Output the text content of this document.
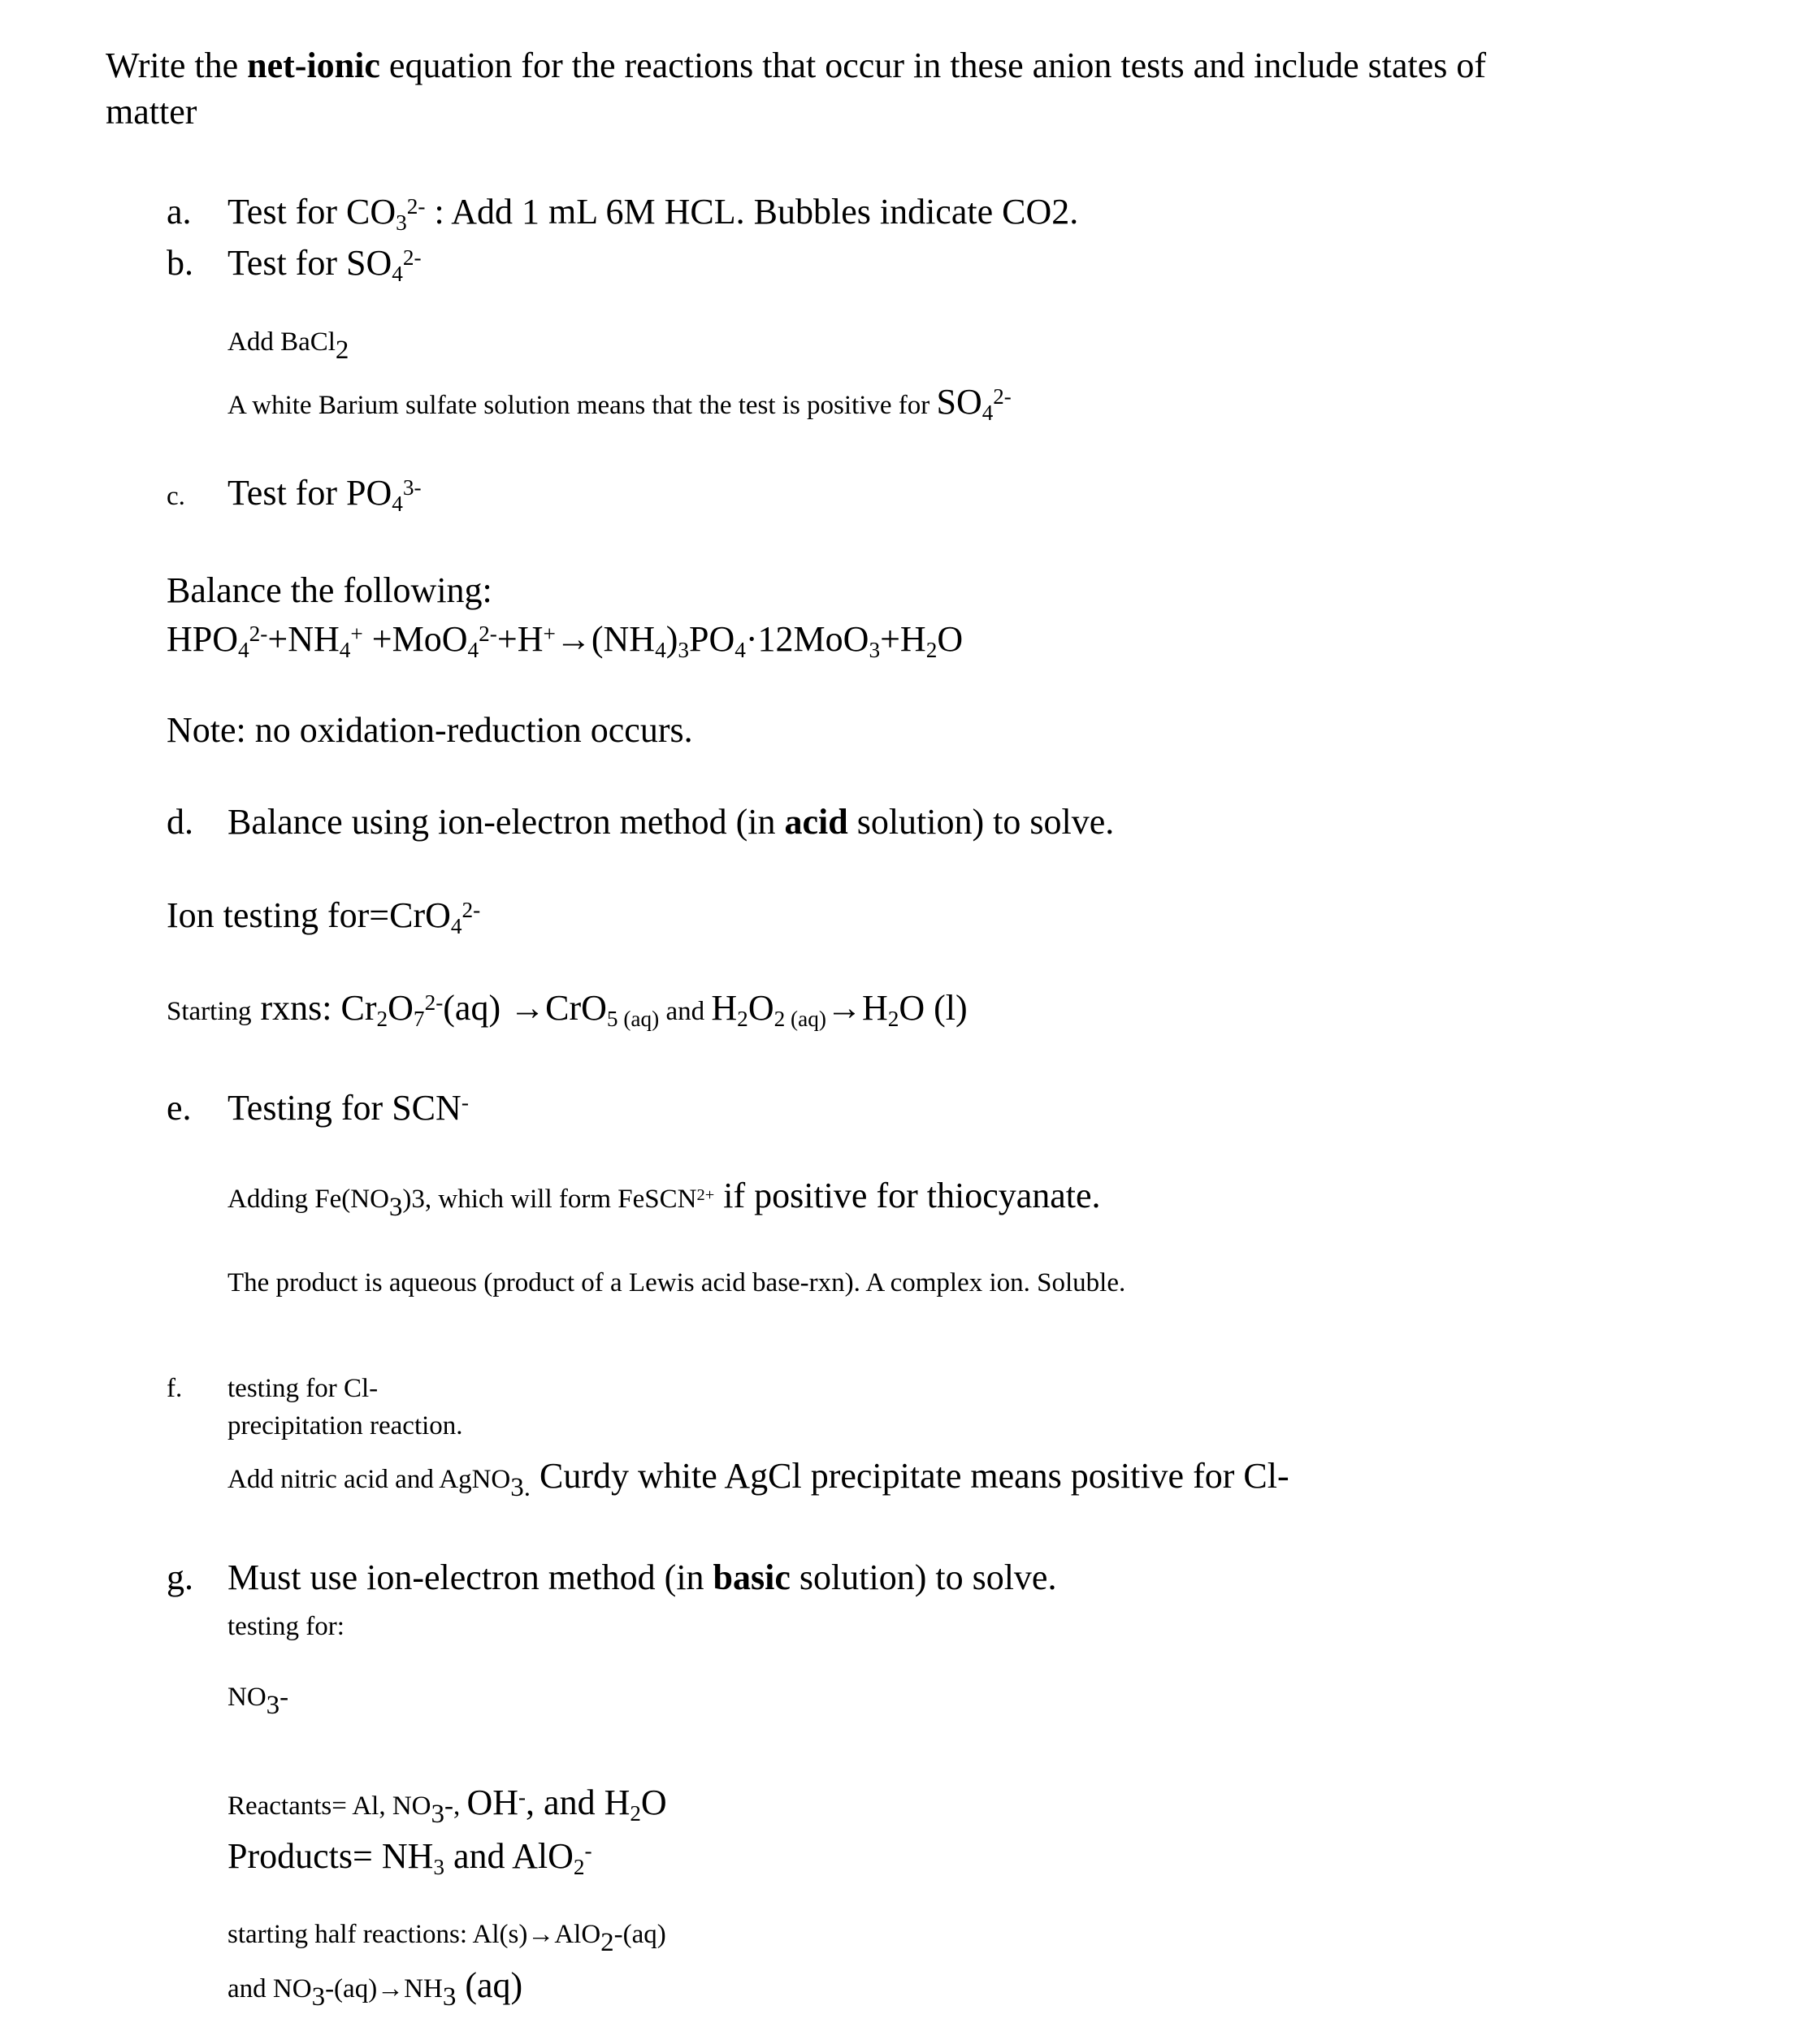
Write the net-ionic equation for the reactions that occur in these anion tests and include states of
matter

a. Test for $CO3^{2-}$ : Add 1 mL 6M HCL. Bubbles indicate CO2.

b. Test for $SO4^{2-}$

Add BaCl2

A white Barium sulfate solution means that the test is positive for $SO_4^{2-}$

c. Test for $PO4^{3-}$

Balance the following:

$HPO4^{2-}+NH4^+ +MoO4^{2-}+H^+\to(NH4)3PO4\cdot 12MoO3+H2O$

Note: no oxidation-reduction occurs.

d. Balance using ion-electron method (in acid solution) to solve.

Ion testing $for=CrO4^{2-}$

Starting rxns: $Cr2O7^{2-}(aq) \to CrO5$ (aq) and H2O2 (aq)→H2O (l)

e. Testing for SCN-

Adding Fe(NO3)3, which will form FeSCN$^{2+}$ if positive for thiocyanate.

The product is aqueous (product of a Lewis acid base-rxn). A complex ion. Soluble.

f. testing for Cl-

precipitation reaction.

Add nitric acid and AgNO3. Curdy white AgCl precipitate means positive for Cl-

g. Must use ion-electron method (in basic solution) to solve.

testing for:

NO3-

Reactants= Al, NO3-, OH-, and $H_2O$

Products= NH3 and AlO2-

starting half reactions: Al(s)→AlO2-(aq)

and NO3-(aq)→NH3 (aq)
